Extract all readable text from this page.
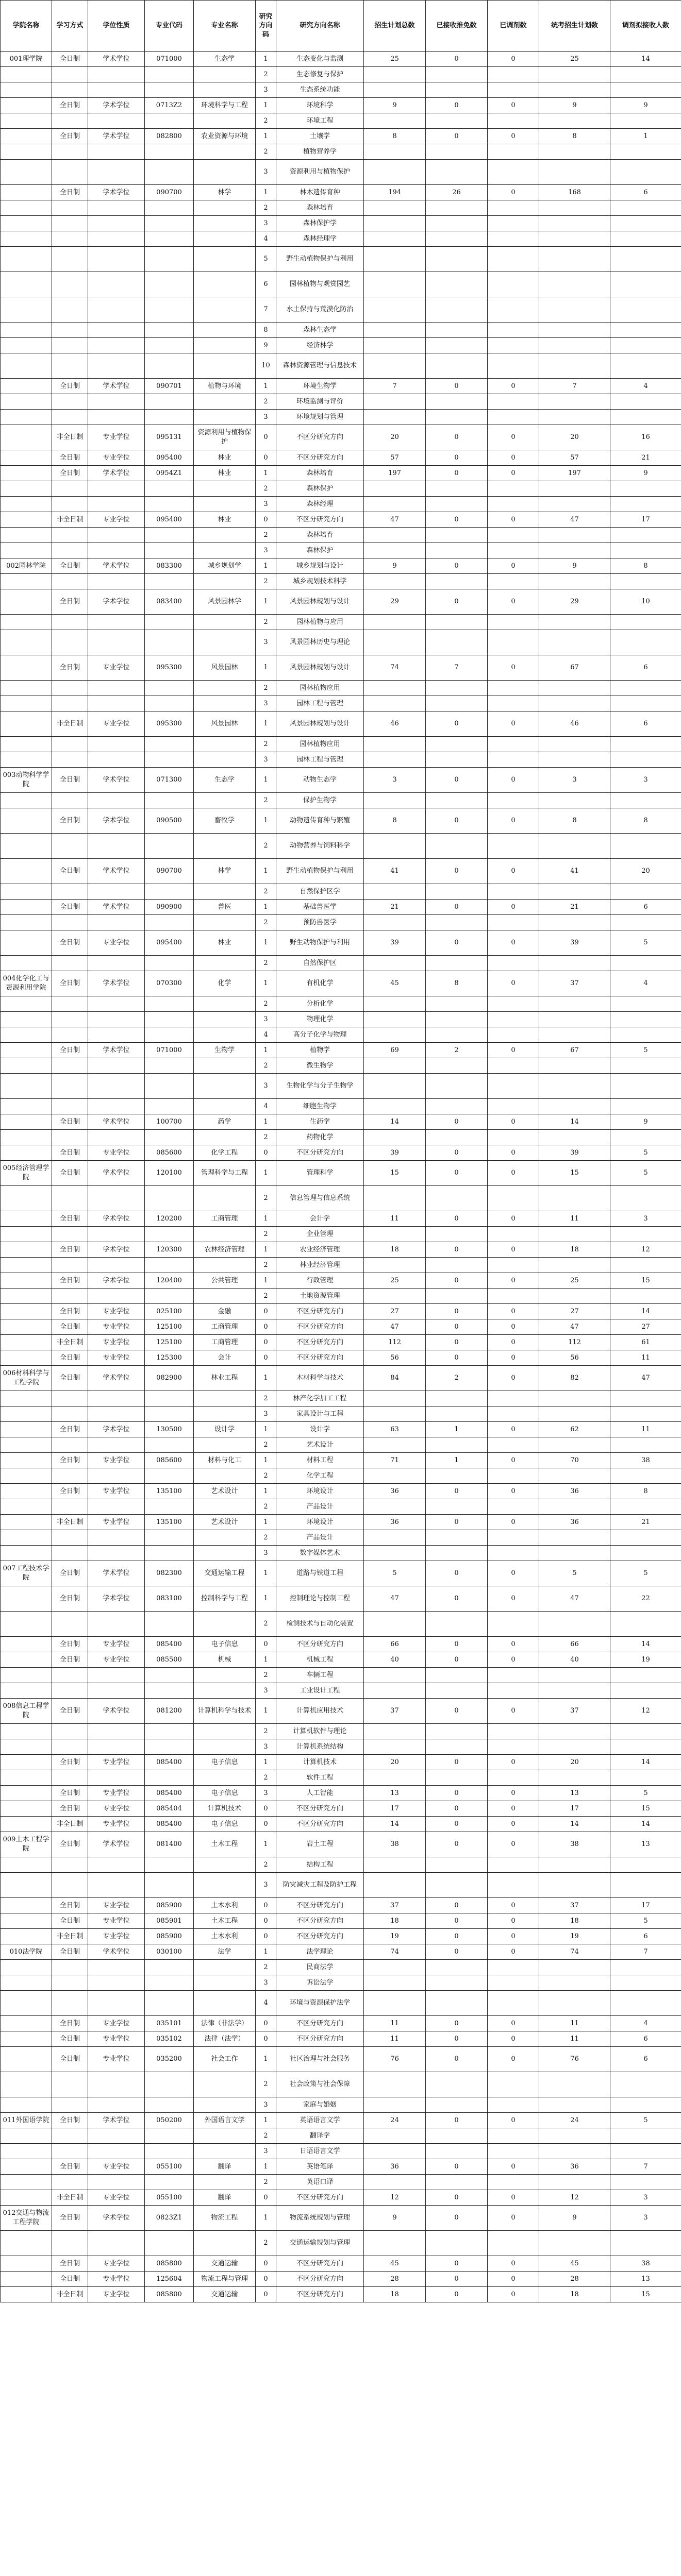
学院名称	学习方式	学位性质	专业代码	专业名称	研究方向码	研究方向名称	招生计划总数	已接收推免数	已调剂数	统考招生计划数	调剂拟接收人数
001理学院	全日制	学术学位	071000	生态学	1	生态变化与监测	25	0	0	25	14
					2	生态修复与保护					
					3	生态系统功能					
	全日制	学术学位	0713Z2	环境科学与工程	1	环境科学	9	0	0	9	9
					2	环境工程					
	全日制	学术学位	082800	农业资源与环境	1	土壤学	8	0	0	8	1
					2	植物营养学					
					3	资源利用与植物保护					
	全日制	学术学位	090700	林学	1	林木遗传育种	194	26	0	168	6
					2	森林培育					
					3	森林保护学					
					4	森林经理学					
					5	野生动植物保护与利用					
					6	园林植物与观赏园艺					
					7	水土保持与荒漠化防治					
					8	森林生态学					
					9	经济林学					
					10	森林资源管理与信息技术					
	全日制	学术学位	090701	植物与环境	1	环境生物学	7	0	0	7	4
					2	环境监测与评价					
					3	环境规划与管理					
	非全日制	专业学位	095131	资源利用与植物保护	0	不区分研究方向	20	0	0	20	16
	全日制	专业学位	095400	林业	0	不区分研究方向	57	0	0	57	21
	全日制	学术学位	0954Z1	林业	1	森林培育	197	0	0	197	9
					2	森林保护					
					3	森林经理					
	非全日制	专业学位	095400	林业	0	不区分研究方向	47	0	0	47	17
					2	森林培育					
					3	森林保护					
002园林学院	全日制	学术学位	083300	城乡规划学	1	城乡规划与设计	9	0	0	9	8
					2	城乡规划技术科学					
	全日制	学术学位	083400	风景园林学	1	风景园林规划与设计	29	0	0	29	10
					2	园林植物与应用					
					3	风景园林历史与理论					
	全日制	专业学位	095300	风景园林	1	风景园林规划与设计	74	7	0	67	6
					2	园林植物应用					
					3	园林工程与管理					
	非全日制	专业学位	095300	风景园林	1	风景园林规划与设计	46	0	0	46	6
					2	园林植物应用					
					3	园林工程与管理					
003动物科学学院	全日制	学术学位	071300	生态学	1	动物生态学	3	0	0	3	3
					2	保护生物学					
	全日制	学术学位	090500	畜牧学	1	动物遗传育种与繁殖	8	0	0	8	8
					2	动物营养与饲料科学					
	全日制	学术学位	090700	林学	1	野生动植物保护与利用	41	0	0	41	20
					2	自然保护区学					
	全日制	学术学位	090900	兽医	1	基础兽医学	21	0	0	21	6
					2	预防兽医学					
	全日制	专业学位	095400	林业	1	野生动物保护与利用	39	0	0	39	5
					2	自然保护区					
004化学化工与资源利用学院	全日制	学术学位	070300	化学	1	有机化学	45	8	0	37	4
					2	分析化学					
					3	物理化学					
					4	高分子化学与物理					
	全日制	学术学位	071000	生物学	1	植物学	69	2	0	67	5
					2	微生物学					
					3	生物化学与分子生物学					
					4	细胞生物学					
	全日制	学术学位	100700	药学	1	生药学	14	0	0	14	9
					2	药物化学					
	全日制	专业学位	085600	化学工程	0	不区分研究方向	39	0	0	39	5
005经济管理学院	全日制	学术学位	120100	管理科学与工程	1	管理科学	15	0	0	15	5
					2	信息管理与信息系统					
	全日制	学术学位	120200	工商管理	1	会计学	11	0	0	11	3
					2	企业管理					
	全日制	学术学位	120300	农林经济管理	1	农业经济管理	18	0	0	18	12
					2	林业经济管理					
	全日制	学术学位	120400	公共管理	1	行政管理	25	0	0	25	15
					2	土地资源管理					
	全日制	专业学位	025100	金融	0	不区分研究方向	27	0	0	27	14
	全日制	专业学位	125100	工商管理	0	不区分研究方向	47	0	0	47	27
	非全日制	专业学位	125100	工商管理	0	不区分研究方向	112	0	0	112	61
	全日制	专业学位	125300	会计	0	不区分研究方向	56	0	0	56	11
006材料科学与工程学院	全日制	学术学位	082900	林业工程	1	木材科学与技术	84	2	0	82	47
					2	林产化学加工工程					
					3	家具设计与工程					
	全日制	学术学位	130500	设计学	1	设计学	63	1	0	62	11
					2	艺术设计					
	全日制	专业学位	085600	材料与化工	1	材料工程	71	1	0	70	38
					2	化学工程					
	全日制	专业学位	135100	艺术设计	1	环境设计	36	0	0	36	8
					2	产品设计					
	非全日制	专业学位	135100	艺术设计	1	环境设计	36	0	0	36	21
					2	产品设计					
					3	数字媒体艺术					
007工程技术学院	全日制	学术学位	082300	交通运输工程	1	道路与铁道工程	5	0	0	5	5
	全日制	学术学位	083100	控制科学与工程	1	控制理论与控制工程	47	0	0	47	22
					2	检测技术与自动化装置					
	全日制	专业学位	085400	电子信息	0	不区分研究方向	66	0	0	66	14
	全日制	专业学位	085500	机械	1	机械工程	40	0	0	40	19
					2	车辆工程					
					3	工业设计工程					
008信息工程学院	全日制	学术学位	081200	计算机科学与技术	1	计算机应用技术	37	0	0	37	12
					2	计算机软件与理论					
					3	计算机系统结构					
	全日制	专业学位	085400	电子信息	1	计算机技术	20	0	0	20	14
					2	软件工程					
	全日制	专业学位	085400	电子信息	3	人工智能	13	0	0	13	5
	全日制	专业学位	085404	计算机技术	0	不区分研究方向	17	0	0	17	15
	非全日制	专业学位	085400	电子信息	0	不区分研究方向	14	0	0	14	14
009土木工程学院	全日制	学术学位	081400	土木工程	1	岩土工程	38	0	0	38	13
					2	结构工程					
					3	防灾减灾工程及防护工程					
	全日制	专业学位	085900	土木水利	0	不区分研究方向	37	0	0	37	17
	全日制	专业学位	085901	土木工程	0	不区分研究方向	18	0	0	18	5
	非全日制	专业学位	085900	土木水利	0	不区分研究方向	19	0	0	19	6
010法学院	全日制	学术学位	030100	法学	1	法学理论	74	0	0	74	7
					2	民商法学					
					3	诉讼法学					
					4	环境与资源保护法学					
	全日制	专业学位	035101	法律（非法学）	0	不区分研究方向	11	0	0	11	4
	全日制	专业学位	035102	法律（法学）	0	不区分研究方向	11	0	0	11	6
	全日制	专业学位	035200	社会工作	1	社区治理与社会服务	76	0	0	76	6
					2	社会政策与社会保障					
					3	家庭与婚姻					
011外国语学院	全日制	学术学位	050200	外国语言文学	1	英语语言文学	24	0	0	24	5
					2	翻译学					
					3	日语语言文学					
	全日制	专业学位	055100	翻译	1	英语笔译	36	0	0	36	7
					2	英语口译					
	非全日制	专业学位	055100	翻译	0	不区分研究方向	12	0	0	12	3
012交通与物流工程学院	全日制	学术学位	0823Z1	物流工程	1	物流系统规划与管理	9	0	0	9	3
					2	交通运输规划与管理					
	全日制	专业学位	085800	交通运输	0	不区分研究方向	45	0	0	45	38
	全日制	专业学位	125604	物流工程与管理	0	不区分研究方向	28	0	0	28	13
	非全日制	专业学位	085800	交通运输	0	不区分研究方向	18	0	0	18	15
